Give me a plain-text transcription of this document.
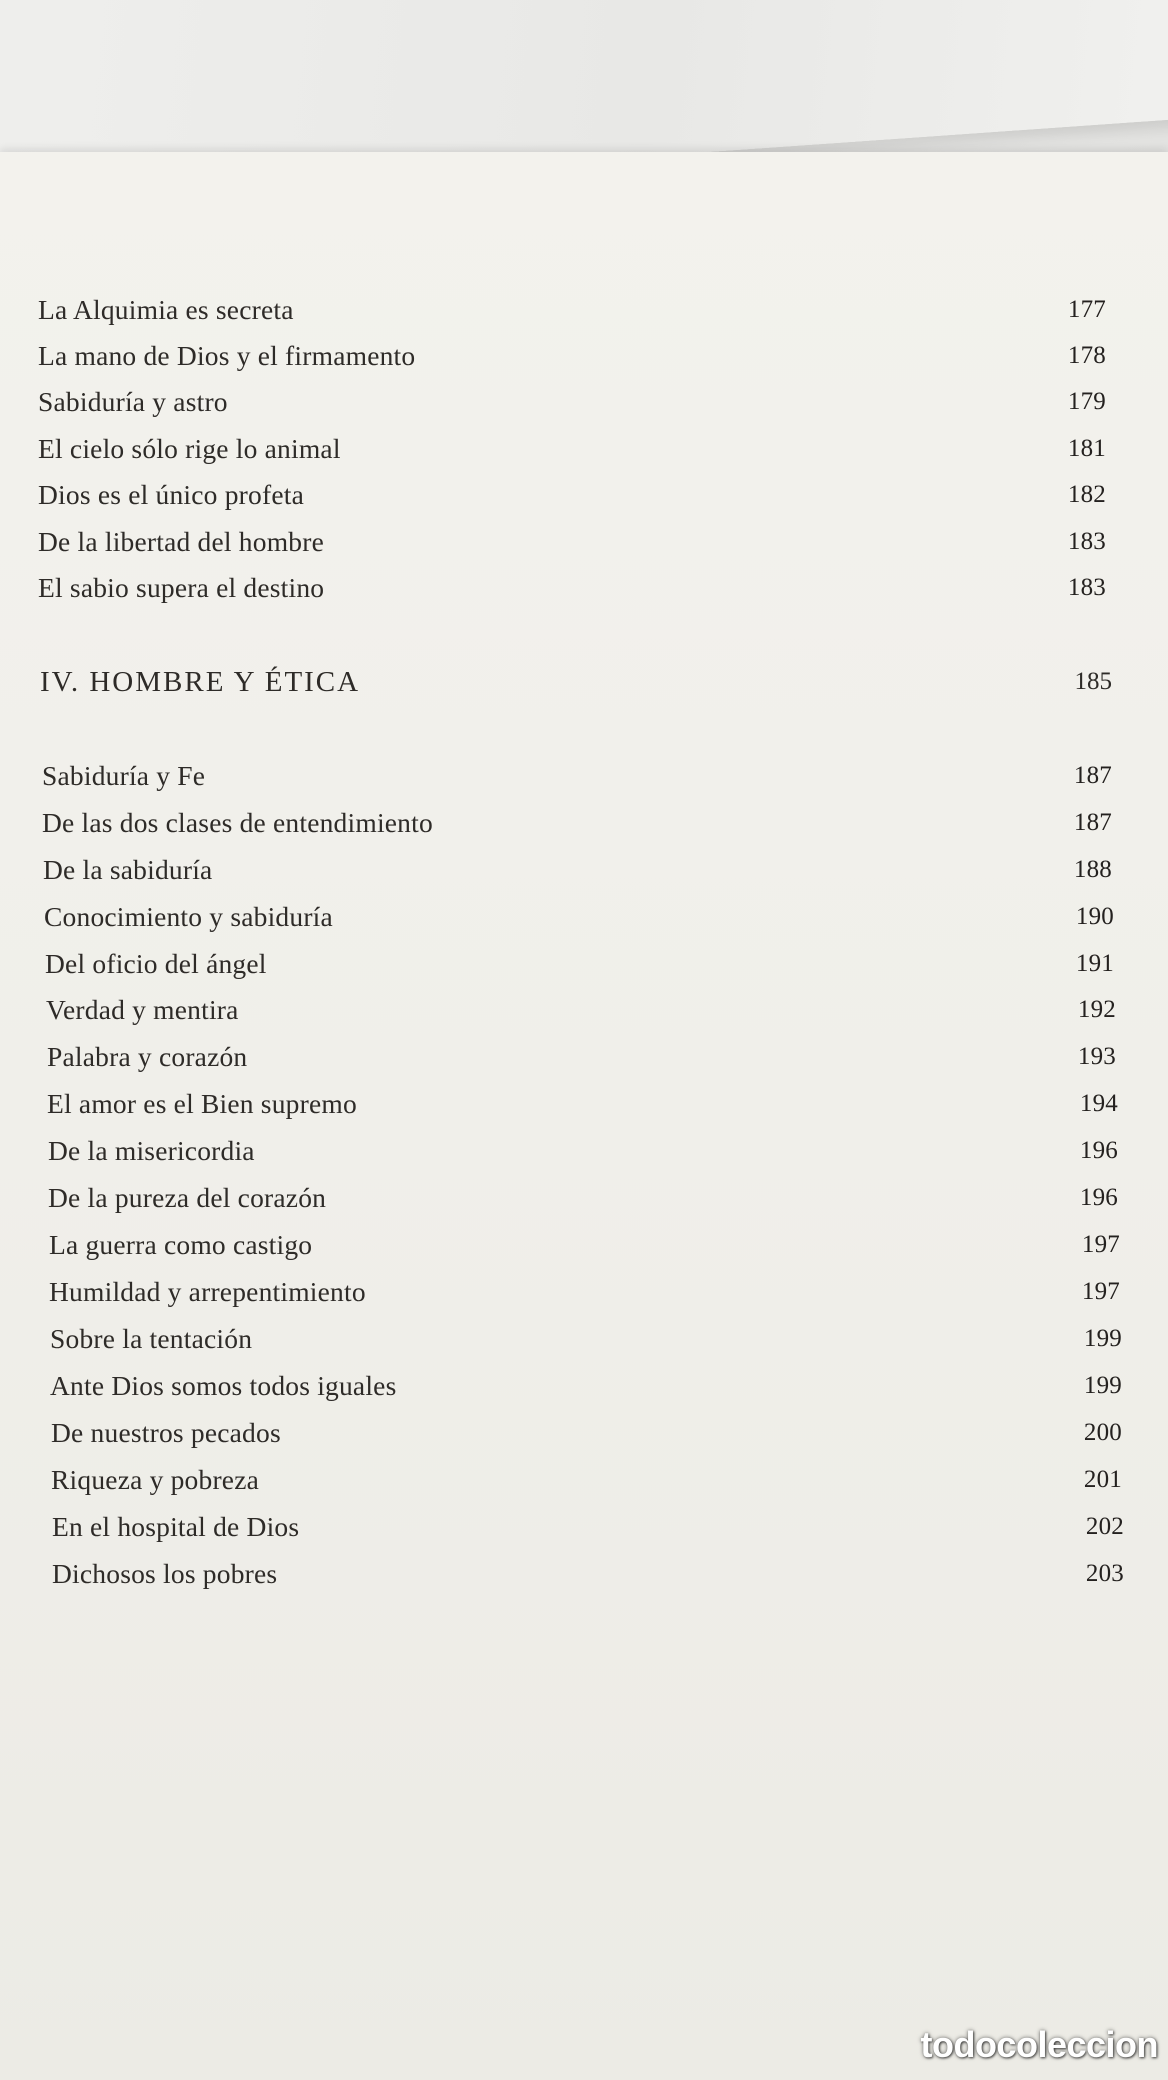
La Alquimia es secreta	177
La mano de Dios y el firmamento	178
Sabiduría y astro	179
El cielo sólo rige lo animal	181
Dios es el único profeta	182
De la libertad del hombre	183
El sabio supera el destino	183
IV. HOMBRE Y ÉTICA	185
Sabiduría y Fe	187
De las dos clases de entendimiento	187
De la sabiduría	188
Conocimiento y sabiduría	190
Del oficio del ángel	191
Verdad y mentira	192
Palabra y corazón	193
El amor es el Bien supremo	194
De la misericordia	196
De la pureza del corazón	196
La guerra como castigo	197
Humildad y arrepentimiento	197
Sobre la tentación	199
Ante Dios somos todos iguales	199
De nuestros pecados	200
Riqueza y pobreza	201
En el hospital de Dios	202
Dichosos los pobres	203
todocoleccion
